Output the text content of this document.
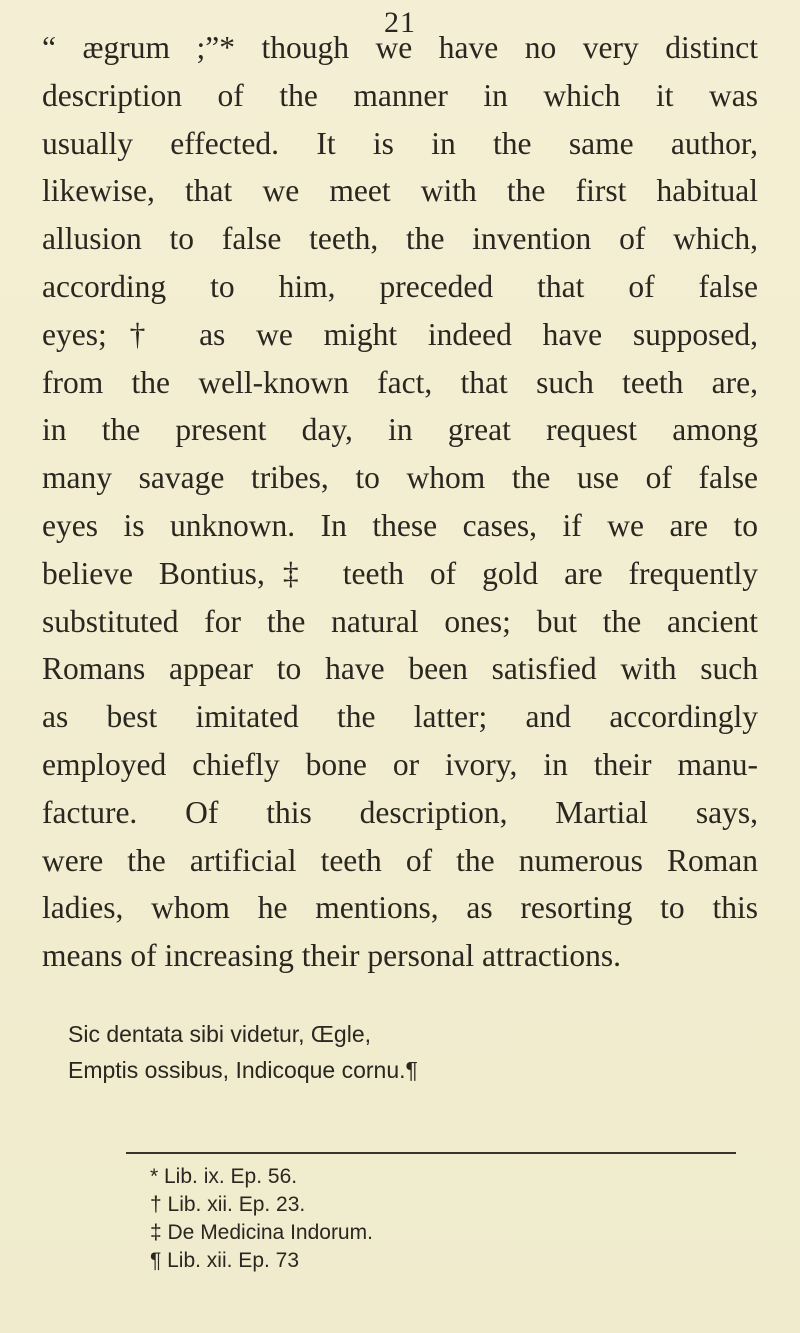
21
“ ægrum ;”* though we have no very distinct
description of the manner in which it was
usually effected. It is in the same author,
likewise, that we meet with the first habitual
allusion to false teeth, the invention of which,
according to him, preceded that of false
eyes;† as we might indeed have supposed,
from the well-known fact, that such teeth are,
in the present day, in great request among
many savage tribes, to whom the use of false
eyes is unknown. In these cases, if we are to
believe Bontius,‡ teeth of gold are frequently
substituted for the natural ones; but the ancient
Romans appear to have been satisfied with such
as best imitated the latter; and accordingly
employed chiefly bone or ivory, in their manu-
facture. Of this description, Martial says,
were the artificial teeth of the numerous Roman
ladies, whom he mentions, as resorting to this
means of increasing their personal attractions.
Sic dentata sibi videtur, Œgle,
Emptis ossibus, Indicoque cornu.¶
* Lib. ix. Ep. 56.
† Lib. xii. Ep. 23.
‡ De Medicina Indorum.
¶ Lib. xii. Ep. 73
